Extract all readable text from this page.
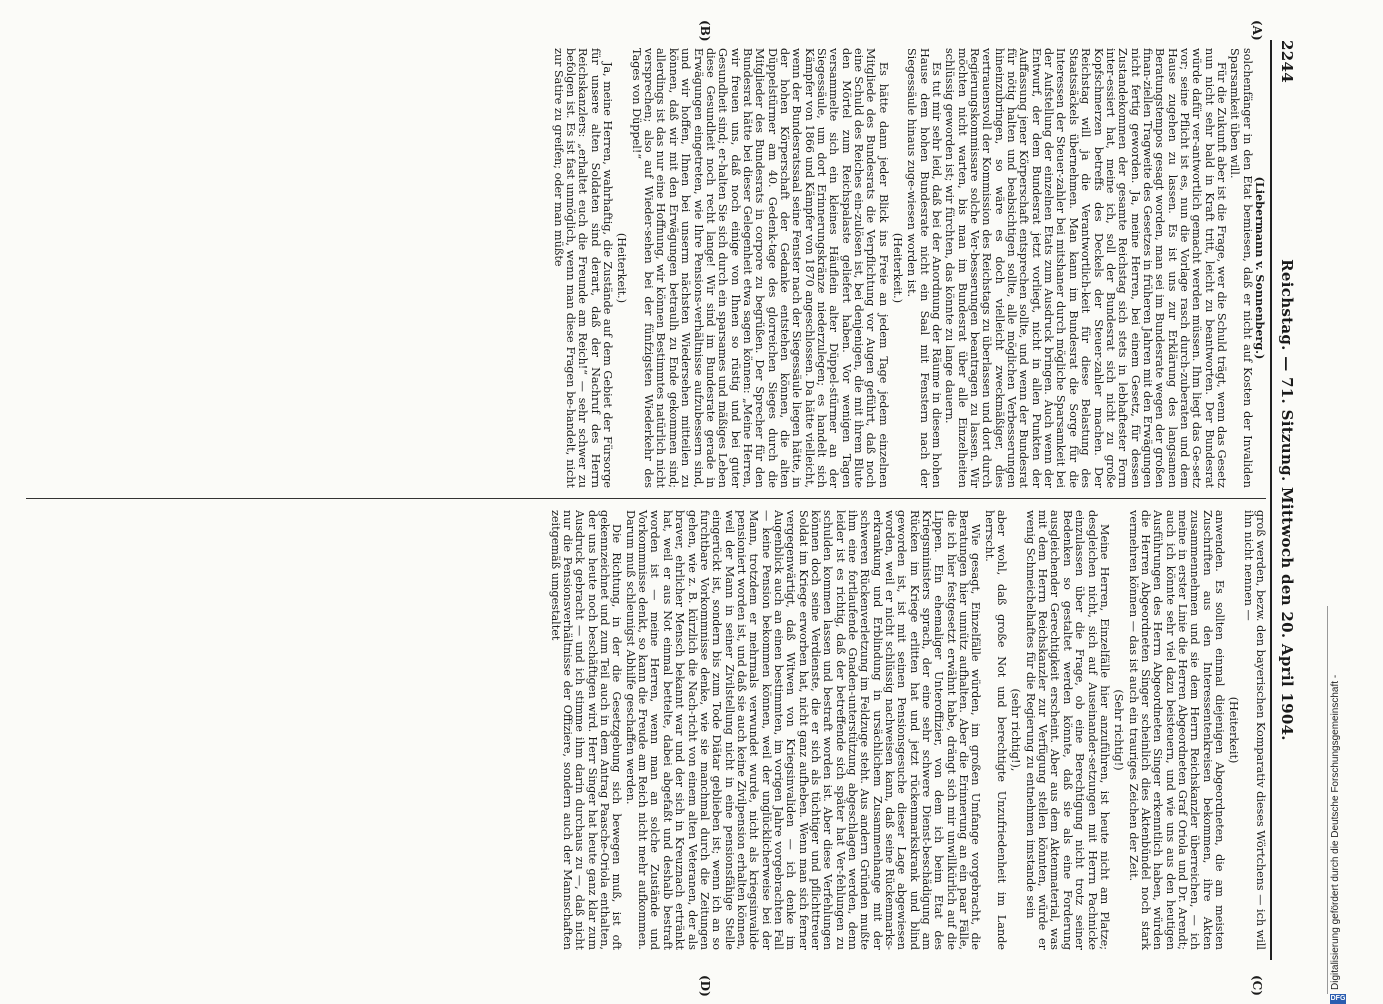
2244
Reichstag. — 71. Sitzung. Mittwoch den 20. April 1904.
(A)
(B)
(C)
(D)

(Liebermann v. Sonnenberg.)

solchenfänger in den Etat bemiesen, daß er nicht auf Kosten der Invaliden Sparsamkeit üben will.

Für die Zukunft aber ist die Frage, wer die Schuld trägt, wenn das Gesetz nun nicht sehr bald in Kraft tritt, leicht zu beantworten. Der Bundesrat würde dafür ver-antwortlich gemacht werden müssen. Ihm liegt das Ge-setz vor; seine Pflicht ist es, nun die Vorlage rasch durch-zuberaten und dem Hause zugehen zu lassen. Es ist uns zur Erklärung des langsamen Beratungstempos gesagt worden, man sei im Bundesrate wegen der großen finan-ziellen Tragweite des Gesetzes in früheren Jahren mit den Erwägungen nicht fertig geworden. Ja, meine Herren, bei einem Gesetz, für dessen Zustandekommen der gesamte Reichstag sich stets in lebhaftester Form inter-essiert hat, meine ich, soll der Bundesrat sich nicht zu große Kopfschmerzen betreffs des Deckels der Steuer-zahler machen. Der Reichstag will ja die Verantwortlich-keit für diese Belastung des Staatssäckels übernehmen. Man kann im Bundesrat die Sorge für die Interessen der Steuer-zahler bei mitshaner durch mögliche Sparsamkeit bei der Aufstellung der einzelnen Etats zum Ausdruck bringen. Auch wenn der Entwurf, der dem Bundesrat jetzt vorliegt, nicht in allen Punkten der Auffassung jener Körperschaft entsprechen sollte, und wenn der Bundesrat für nötig halten und beabsichtigen sollte, alle möglichen Verbesserungen hineinzubringen, so wäre es doch vielleicht zweckmäßiger, dies vertrauensvoll der Kommission des Reichstags zu überlassen und dort durch Regierungskommissare solche Ver-besserungen beantragen zu lassen. Wir möchten nicht warten, bis man im Bundesrat über alle Einzelheiten schlüssig geworden ist; wir fürchten, das könnte zu lange dauern.

Es tut mir sehr leid, daß bei der Anordnung der Räume in diesem hohen Hause dem hohen Bundesrate nicht ein Saal mit Fenstern nach der Siegessäule hinaus zuge-wiesen worden ist.

(Heiterkeit.)

Es hätte dann jeder Blick ins Freie an jedem Tage jedem einzelnen Mitgliede des Bundesrats die Verpflichtung vor Augen geführt, daß noch eine Schuld des Reiches ein-zulösen ist, bei denjenigen, die mit ihrem Blute den Mörtel zum Reichspalaste geliefert haben. Vor wenigen Tagen versammelte sich ein kleines Häuflein alter Düppel-stürmer an der Siegessäule, um dort Erinnerungskränze niederzulegen; es handelt sich Kämpfer von 1866 und Kämpfer von 1870 angeschlossen. Da hätte vielleicht, wenn der Bundesratssaal seine Fenster nach der Siegessäule liegen hätte, in der hohen Körperschaft der Gedanke entstehen können, die alten Düppelstürmer am 40. Gedenk-tage des glorreichen Sieges durch die Mitglieder des Bundesrats in corpore zu begrüßen. Der Sprecher für den Bundesrat hätte bei dieser Gelegenheit etwa sagen können: „Meine Herren, wir freuen uns, daß noch einige von Ihnen so rüstig und bei guter Gesundheit sind; er-halten Sie sich durch ein sparsames und mäßiges Leben diese Gesundheit noch recht lange! Wir sind im Bundesrate gerade in Erwägungen eingetreten, wie Ihre Pensions-verhältnisse aufzubessern sind, und wir hoffen, Ihnen bei unserm nächsten Wiedersehen mitteilen zu können, daß wir mit den Erwägungen betraulh zu Ende gekommen sind; allerdings ist das nur eine Hoffnung, wir können Bestimmtes natürlich nicht versprechen; also auf Wieder-sehen bei der fünfzigsten Wiederkehr des Tages von Düppel!“

(Heiterkeit.)

Ja, meine Herren, wahrhaftig, die Zustände auf dem Gebiet der Fürsorge für unsere alten Soldaten sind derart, daß der Nachruf des Herrn Reichskanzlers: „erhaltet euch die Freunde am Reich!“ — sehr schwer zu befolgen ist. Es ist fast unmöglich, wenn man diese Fragen be-handelt, nicht zur Satire zu greifen; oder man müßte

groß werden, bezw. den bayerischen Komparativ dieses Wörtchens — ich will ihn nicht nennen —

(Heiterkeit)

anwenden. Es sollten einmal diejenigen Abgeordneten, die am meisten Zuschriften aus den Interessentenkreisen bekommen, ihre Akten zusammennehmen und sie dem Herrn Reichskanzler überreichen, — ich meine in erster Linie die Herren Abgeordneten Graf Oriola und Dr. Arendt; auch ich könnte sehr viel dazu beisteuern, und wie uns aus den heutigen Ausführungen des Herrn Abgeordneten Singer erkenntlich haben, würden die Herren Abgeordneten Singer scheinlich dies Aktenbündel noch stark vermehren können — das ist auch ein trauriges Zeichen der Zeit.

(Sehr richtig!)

Meine Herren, Einzelfälle hier anzuführen, ist heute nicht am Platze; desgleichen nicht, sich auf Auseinander-setzungen mit Herrn Pachnicke einzulassen über die Frage, ob eine Berechtigung nicht trotz seiner Bedenken so gestaltet werden könnte, daß sie als eine Forderung ausgleichender Gerechtigkeit erscheint. Aber aus dem Aktenmaterial, was mit dem Herrn Reichskanzler zur Verfügung stellen könnten, würde er wenig Schmeichelhaftes für die Regierung zu entnehmen imstande sein

(sehr richtig!),

aber wohl, daß große Not und berechtigte Unzufriedenheit im Lande herrscht.

Wie gesagt, Einzelfälle würden, im großen Umfange vorgebracht, die Beratungen hier unnütz aufhalten. Aber die Erinnerung an ein paar Fälle, die ich hier festgesetzt erwähnt habe, drängt sich mir unwillkürlich auf die Lippen. Ein ehemaliger Unteroffizier, von dem ich beim Etat des Kriegsministers sprach, der eine sehr schwere Dienst-beschädigung am Rücken im Kriege erlitten hat und jetzt rückenmarkskrank und blind geworden ist, ist mit seinen Pensionsgesuche dieser Lage abgewiesen worden, weil er nicht schlüssig nachweisen kann, daß seine Rückenmarks-erkrankung und Erblindung in ursächlichem Zusammenhange mit der schweren Rückenverletzung im Feldzuge steht. Aus andern Gründen mußte ihm eine fortlaufende Gnaden-unterstützung abgeschlagen werden, denn leider ist es richtig, daß der betreffende sich später hat Ver-fehlungen zu schulden kommen lassen und bestraft worden ist. Aber diese Verfehlungen können doch seine Verdienste, die er sich als tüchtiger und pflichttreuer Soldat im Kriege erworben hat, nicht ganz aufheben. Wenn man sich ferner vergegenwärtigt, daß Witwen von Kriegsinvaliden — ich denke im Augenblick auch an einen bestimmten, im vorigen Jahre vorgebrachten Fall — keine Pension bekommen können, weil der unglücklicherweise bei der Mann, trotzdem er mehrmals verwundet wurde, nicht als kriegsinvalide pensioniert worden ist, und daß sie auch keine Zivilpension erhalten können, weil der Mann in seiner Zivilstellung nicht in eine pensionsfähige Stelle eingerückt ist, sondern bis zum Tode Diätar geblieben ist; wenn ich an so furchtbare Vorkommnisse denke, wie sie manchmal durch die Zeitungen gehen, wie z. B. kürzlich die Nach-richt von einem alten Veteranen, der als braver, ehrlicher Mensch bekannt war und der sich in Kreuznach ertränkt hat, weil er aus Not einmal bettelte, dabei abgefaßt und deshalb bestraft worden ist — meine Herren, wenn man an solche Zustände und Vorkommnisse denkt, so kann die Freude am Reich nicht mehr aufkommen. Darum muß schleunigst Abhilfe geschaffen werden.

Die Richtung, in der die Gesetzgebung sich bewegen muß, ist oft gekennzeichnet und zum Teil auch in dem Antrag Paasche-Oriola enthalten, der uns heute noch beschäftigen wird. Herr Singer hat heute ganz klar zum Ausdruck gebracht — und ich stimme ihm darin durchaus zu —, daß nicht nur die Pensionsverhältnisse der Offiziere, sondern auch der Mannschaften zeitgemäß umgestaltet

Digitalisierung gefördert durch die Deutsche Forschungsgemeinschaft -
DFG
